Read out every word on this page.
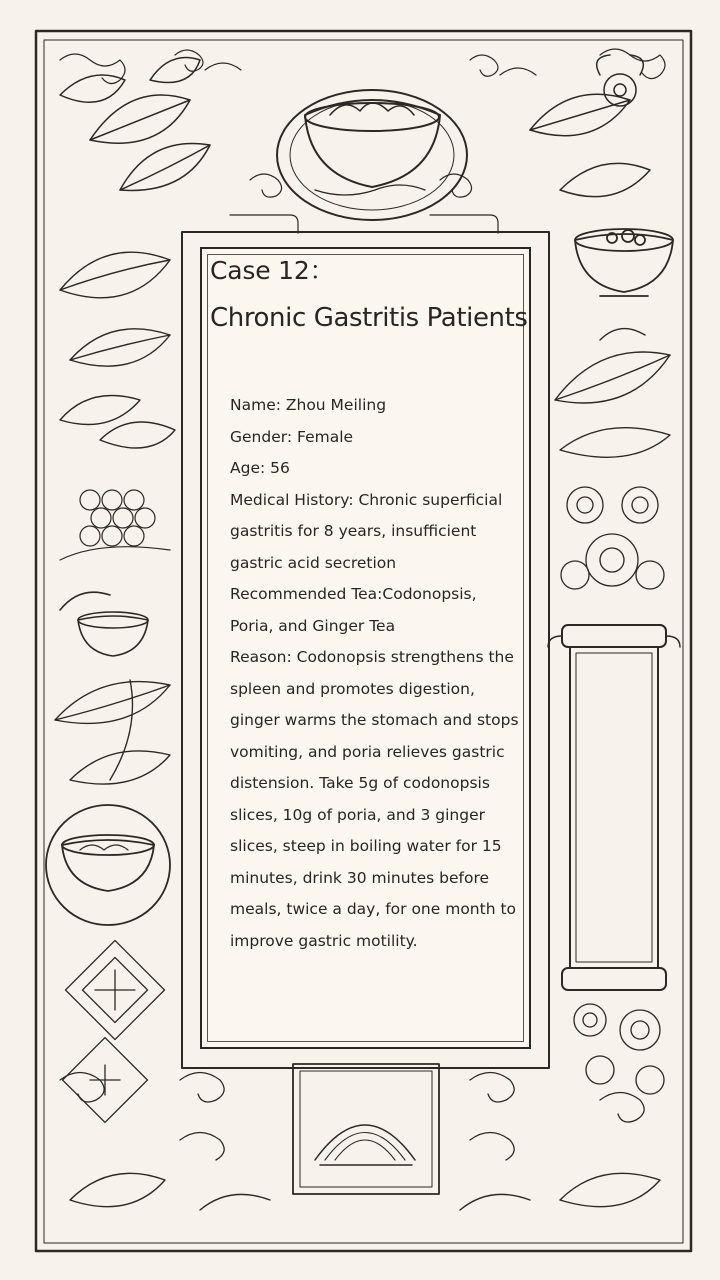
Case 12：
Chronic Gastritis Patients

Name: Zhou Meiling

Gender: Female

Age: 56

Medical History: Chronic superficial gastritis for 8 years, insufficient gastric acid secretion

Recommended Tea:Codonopsis, Poria, and Ginger Tea

Reason: Codonopsis strengthens the spleen and promotes digestion, ginger warms the stomach and stops vomiting, and poria relieves gastric distension. Take 5g of codonopsis slices, 10g of poria, and 3 ginger slices, steep in boiling water for 15 minutes, drink 30 minutes before meals, twice a day, for one month to improve gastric motility.
